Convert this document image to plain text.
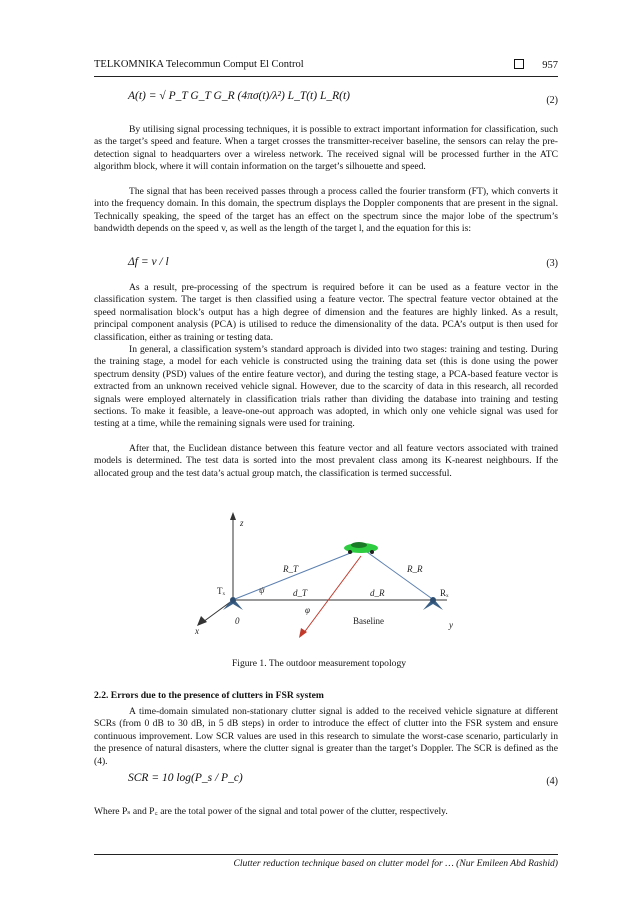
TELKOMNIKA Telecommun Comput El Control	957
A(t) = √ P_T G_T G_R (4πσ(t)/λ²) L_T(t) L_R(t)	(2)

By utilising signal processing techniques, it is possible to extract important information for classification, such as the target’s speed and feature. When a target crosses the transmitter-receiver baseline, the sensors can relay the pre-detection signal to headquarters over a wireless network. The received signal will be processed further in the ATC algorithm block, where it will contain information on the target’s silhouette and speed.

The signal that has been received passes through a process called the fourier transform (FT), which converts it into the frequency domain. In this domain, the spectrum displays the Doppler components that are present in the signal. Technically speaking, the speed of the target has an effect on the spectrum since the major lobe of the spectrum’s bandwidth depends on the speed v, as well as the length of the target l, and the equation for this is:

Δf = v / l	(3)

As a result, pre-processing of the spectrum is required before it can be used as a feature vector in the classification system. The target is then classified using a feature vector. The spectral feature vector obtained at the speed normalisation block’s output has a high degree of dimension and the features are highly linked. As a result, principal component analysis (PCA) is utilised to reduce the dimensionality of the data. PCA’s output is then used for classification, either as training or testing data.

In general, a classification system’s standard approach is divided into two stages: training and testing. During the training stage, a model for each vehicle is constructed using the training data set (this is done using the power spectrum density (PSD) values of the entire feature vector), and during the testing stage, a PCA-based feature vector is extracted from an unknown received vehicle signal. However, due to the scarcity of data in this research, all recorded signals were employed alternately in classification trials rather than dividing the database into training and testing sections. To make it feasible, a leave-one-out approach was adopted, in which only one vehicle signal was used for testing at a time, while the remaining signals were used for training.

After that, the Euclidean distance between this feature vector and all feature vectors associated with trained models is determined. The test data is sorted into the most prevalent class among its K-nearest neighbours. If the allocated group and the test data’s actual group match, the classification is termed successful.

z
x
y
0	Baseline
Tₓ	Rₓ
R_T	R_R
d_T	d_R
ψ
φ
Figure 1. The outdoor measurement topology
2.2. Errors due to the presence of clutters in FSR system

A time-domain simulated non-stationary clutter signal is added to the received vehicle signature at different SCRs (from 0 dB to 30 dB, in 5 dB steps) in order to introduce the effect of clutter into the FSR system and ensure continuous improvement. Low SCR values are used in this research to simulate the worst-case scenario, particularly in the presence of natural disasters, where the clutter signal is greater than the target’s Doppler. The SCR is defined as the (4).

SCR = 10 log(P_s / P_c)	(4)

Where Pₛ and P꜀ are the total power of the signal and total power of the clutter, respectively.

Clutter reduction technique based on clutter model for … (Nur Emileen Abd Rashid)
